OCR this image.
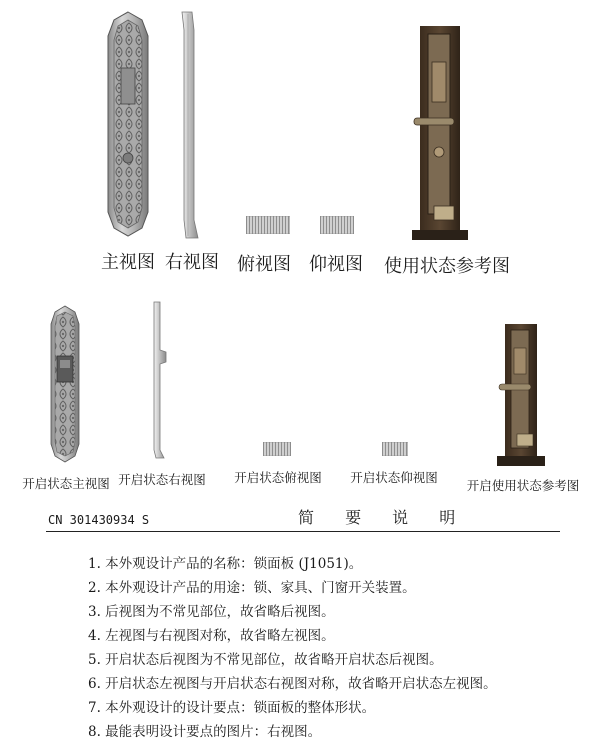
主视图 右视图 俯视图 仰视图	使用状态参考图
开启状态主视图 开启状态右视图	开启状态俯视图	开启状态仰视图
开启使用状态参考图
CN 301430934 S	简 要 说 明
1. 本外观设计产品的名称：锁面板 (J1051)。
2. 本外观设计产品的用途：锁、家具、门窗开关装置。
3. 后视图为不常见部位，故省略后视图。
4. 左视图与右视图对称，故省略左视图。
5. 开启状态后视图为不常见部位，故省略开启状态后视图。
6. 开启状态左视图与开启状态右视图对称，故省略开启状态左视图。
7. 本外观设计的设计要点：锁面板的整体形状。
8. 最能表明设计要点的图片：右视图。
